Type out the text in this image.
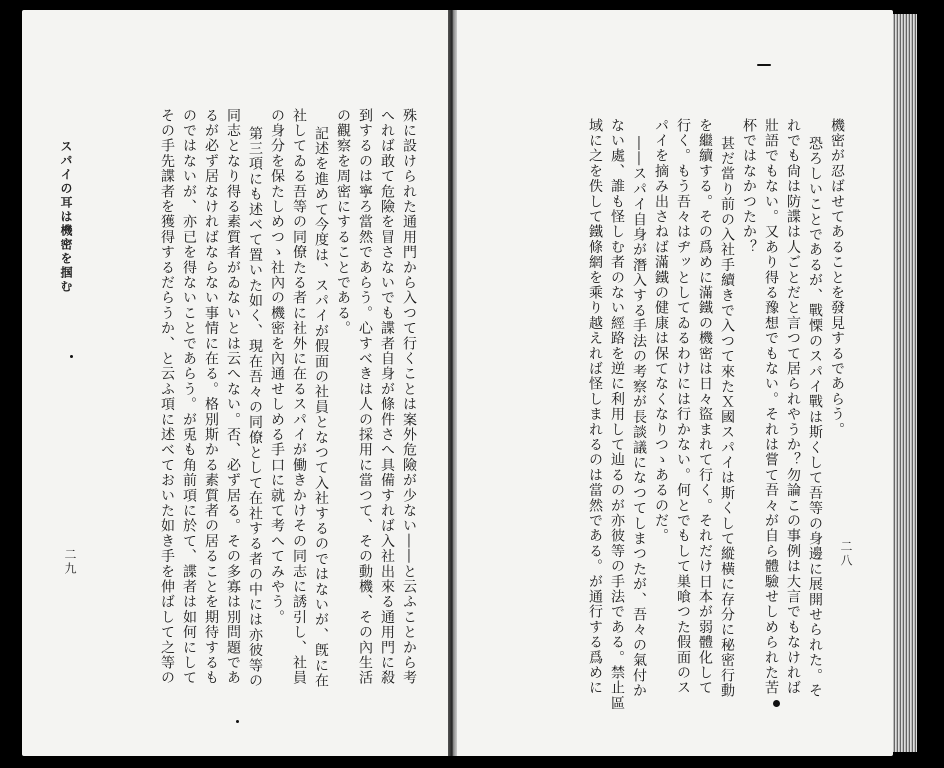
機密が忍ばせてあることを發見するであらう。
恐ろしいことであるが、戰慄のスパイ戰は斯くして吾等の身邊に展開せられた。そ
れでも尙は防諜は人ごとだと言つて居られやうか？勿論この事例は大言でもなければ
壯語でもない。又あり得る豫想でもない。それは嘗て吾々が自ら體驗せしめられた苦
杯ではなかつたか？
甚だ當り前の入社手續きで入つて來たＸ國スパイは斯くして縱橫に存分に秘密行動
を繼續する。その爲めに滿鐵の機密は日々盜まれて行く。それだけ日本が弱體化して
行く。もう吾々はヂッとしてゐるわけには行かない。何とでもして巣喰つた假面のス
パイを摘み出さねば滿鐵の健康は保てなくなりつゝあるのだ。
――スパイ自身が潛入する手法の考察が長談議になつてしまつたが、吾々の氣付か
ない處、誰も怪しむ者のない經路を逆に利用して辿るのが亦彼等の手法である。禁止區
域に之を佚して鐵條網を乘り越えれば怪しまれるのは當然である。が通行する爲めに	二八
殊に設けられた通用門から入つて行くことは案外危險が少ない――と云ふことから考
へれば敢て危險を冒さないでも諜者自身が條件さへ具備すれば入社出來る通用門に殺
到するのは寧ろ當然であらう。心すべきは人の採用に當つて、その動機、その內生活
の觀察を周密にすることである。
記述を進めて今度は、スパイが假面の社員となつて入社するのではないが、旣に在
社してゐる吾等の同僚たる者に社外に在るスパイが働きかけその同志に誘引し、社員
の身分を保たしめつゝ社內の機密を內通せしめる手口に就て考へてみやう。
第三項にも述べて置いた如く、現在吾々の同僚として在社する者の中には亦彼等の
同志となり得る素質者がゐないとは云へない。否、必ず居る。その多寡は別問題であ
るが必ず居なければならない事情に在る。格別斯かる素質者の居ることを期待するも
のではないが、亦已を得ないことであらう。が兎も角前項に於て、諜者は如何にして
その手先諜者を獲得するだらうか、と云ふ項に述べておいた如き手を伸ばして之等の
スパイの耳は機密を掴む
二九
